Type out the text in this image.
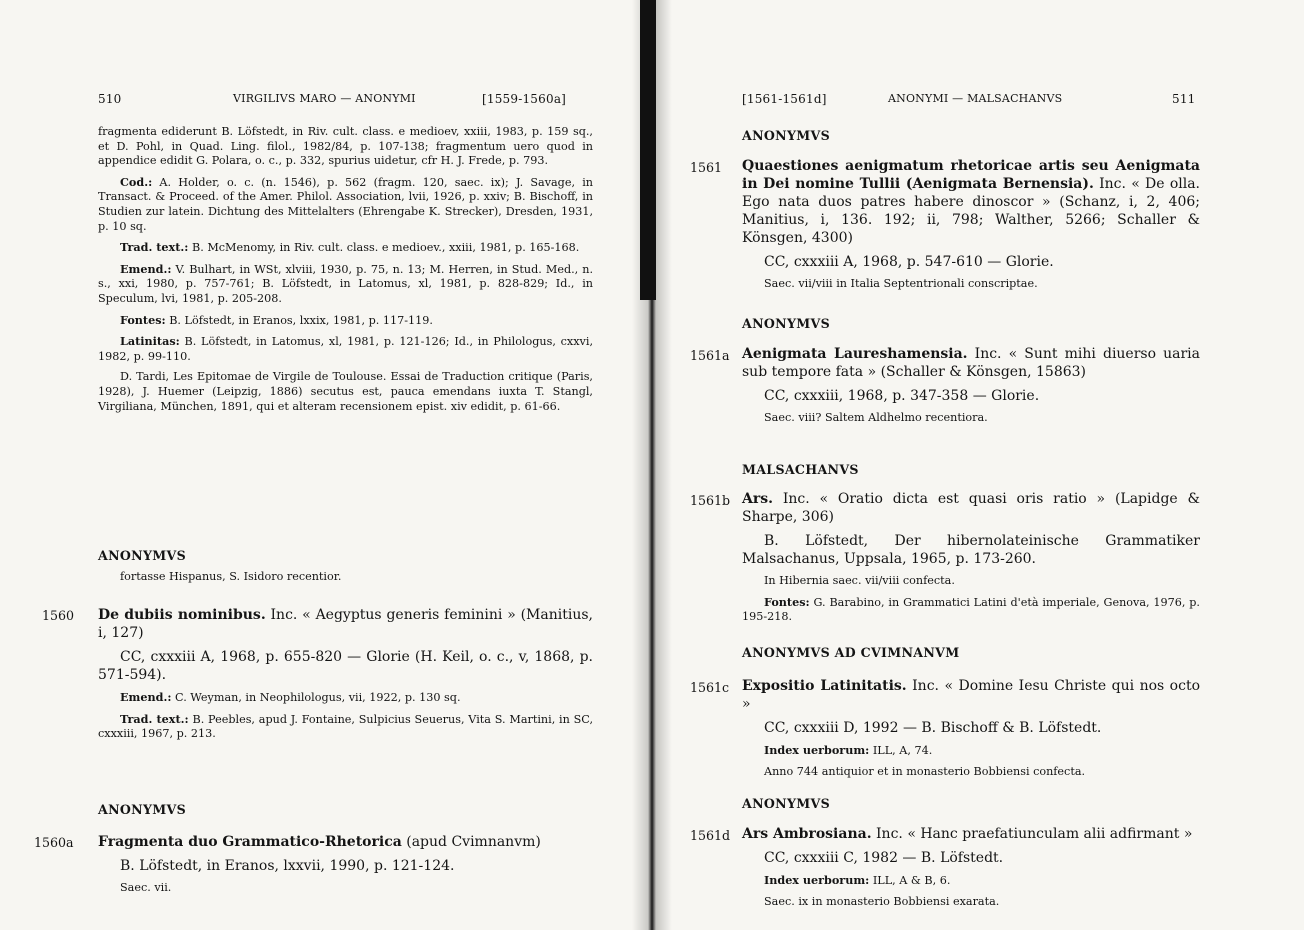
510	VIRGILIVS MARO — ANONYMI	[1559-1560a]

fragmenta ediderunt B. Löfstedt, in Riv. cult. class. e medioev, xxiii, 1983, p. 159 sq., et D. Pohl, in Quad. Ling. filol., 1982/84, p. 107-138; fragmentum uero quod in appendice edidit G. Polara, o. c., p. 332, spurius uidetur, cfr H. J. Frede, p. 793.

Cod.: A. Holder, o. c. (n. 1546), p. 562 (fragm. 120, saec. ix); J. Savage, in Transact. & Proceed. of the Amer. Philol. Association, lvii, 1926, p. xxiv; B. Bischoff, in Studien zur latein. Dichtung des Mittelalters (Ehrengabe K. Strecker), Dresden, 1931, p. 10 sq.

Trad. text.: B. McMenomy, in Riv. cult. class. e medioev., xxiii, 1981, p. 165-168.

Emend.: V. Bulhart, in WSt, xlviii, 1930, p. 75, n. 13; M. Herren, in Stud. Med., n. s., xxi, 1980, p. 757-761; B. Löfstedt, in Latomus, xl, 1981, p. 828-829; Id., in Speculum, lvi, 1981, p. 205-208.

Fontes: B. Löfstedt, in Eranos, lxxix, 1981, p. 117-119.

Latinitas: B. Löfstedt, in Latomus, xl, 1981, p. 121-126; Id., in Philologus, cxxvi, 1982, p. 99-110.

D. Tardi, Les Epitomae de Virgile de Toulouse. Essai de Traduction critique (Paris, 1928), J. Huemer (Leipzig, 1886) secutus est, pauca emendans iuxta T. Stangl, Virgiliana, München, 1891, qui et alteram recensionem epist. xiv edidit, p. 61-66.

ANONYMVS

fortasse Hispanus, S. Isidoro recentior.

1560 De dubiis nominibus. Inc. « Aegyptus generis feminini » (Manitius, i, 127)

CC, cxxxiii A, 1968, p. 655-820 — Glorie (H. Keil, o. c., v, 1868, p. 571-594).

Emend.: C. Weyman, in Neophilologus, vii, 1922, p. 130 sq.

Trad. text.: B. Peebles, apud J. Fontaine, Sulpicius Seuerus, Vita S. Martini, in SC, cxxxiii, 1967, p. 213.

ANONYMVS

1560a Fragmenta duo Grammatico-Rhetorica (apud Cvimnanvm)

B. Löfstedt, in Eranos, lxxvii, 1990, p. 121-124.

Saec. vii.

[1561-1561d]	ANONYMI — MALSACHANVS	511

ANONYMVS

1561 Quaestiones aenigmatum rhetoricae artis seu Aenigmata in Dei nomine Tullii (Aenigmata Bernensia). Inc. « De olla. Ego nata duos patres habere dinoscor » (Schanz, i, 2, 406; Manitius, i, 136. 192; ii, 798; Walther, 5266; Schaller & Könsgen, 4300)

CC, cxxxiii A, 1968, p. 547-610 — Glorie.

Saec. vii/viii in Italia Septentrionali conscriptae.

ANONYMVS

1561a Aenigmata Laureshamensia. Inc. « Sunt mihi diuerso uaria sub tempore fata » (Schaller & Könsgen, 15863)

CC, cxxxiii, 1968, p. 347-358 — Glorie.

Saec. viii? Saltem Aldhelmo recentiora.

MALSACHANVS

1561b Ars. Inc. « Oratio dicta est quasi oris ratio » (Lapidge & Sharpe, 306)

B. Löfstedt, Der hibernolateinische Grammatiker Malsachanus, Uppsala, 1965, p. 173-260.

In Hibernia saec. vii/viii confecta.

Fontes: G. Barabino, in Grammatici Latini d'età imperiale, Genova, 1976, p. 195-218.

ANONYMVS AD CVIMNANVM

1561c Expositio Latinitatis. Inc. « Domine Iesu Christe qui nos octo »

CC, cxxxiii D, 1992 — B. Bischoff & B. Löfstedt.

Index uerborum: ILL, A, 74.

Anno 744 antiquior et in monasterio Bobbiensi confecta.

ANONYMVS

1561d Ars Ambrosiana. Inc. « Hanc praefatiunculam alii adfirmant »

CC, cxxxiii C, 1982 — B. Löfstedt.

Index uerborum: ILL, A & B, 6.

Saec. ix in monasterio Bobbiensi exarata.
